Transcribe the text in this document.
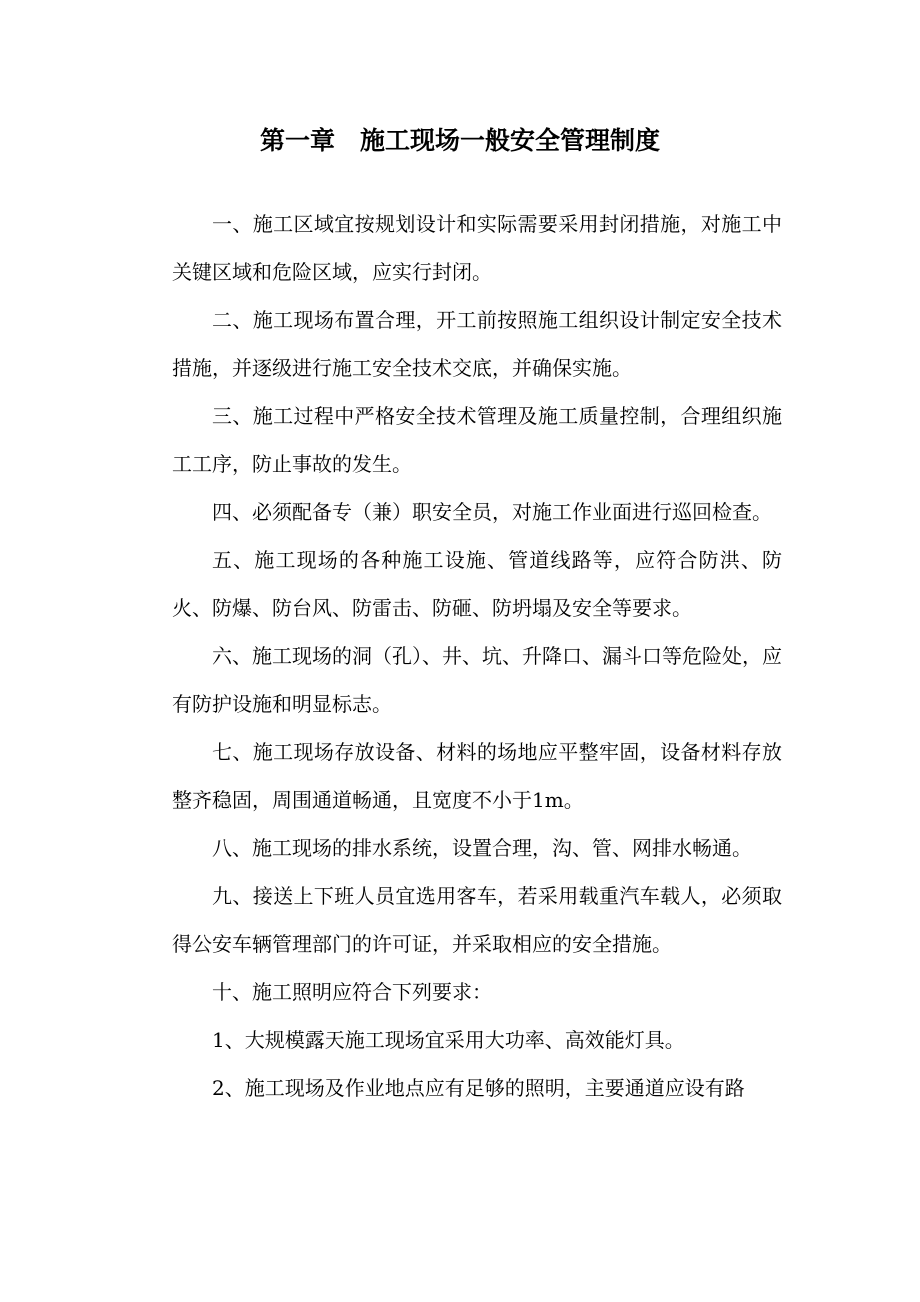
第一章　施工现场一般安全管理制度

一、施工区域宜按规划设计和实际需要采用封闭措施，对施工中关键区域和危险区域，应实行封闭。

二、施工现场布置合理，开工前按照施工组织设计制定安全技术措施，并逐级进行施工安全技术交底，并确保实施。

三、施工过程中严格安全技术管理及施工质量控制，合理组织施工工序，防止事故的发生。

四、必须配备专（兼）职安全员，对施工作业面进行巡回检查。

五、施工现场的各种施工设施、管道线路等，应符合防洪、防火、防爆、防台风、防雷击、防砸、防坍塌及安全等要求。

六、施工现场的洞（孔）、井、坑、升降口、漏斗口等危险处，应有防护设施和明显标志。

七、施工现场存放设备、材料的场地应平整牢固，设备材料存放整齐稳固，周围通道畅通，且宽度不小于1m。

八、施工现场的排水系统，设置合理，沟、管、网排水畅通。

九、接送上下班人员宜选用客车，若采用载重汽车载人，必须取得公安车辆管理部门的许可证，并采取相应的安全措施。

十、施工照明应符合下列要求：

1、大规模露天施工现场宜采用大功率、高效能灯具。

2、施工现场及作业地点应有足够的照明，主要通道应设有路
